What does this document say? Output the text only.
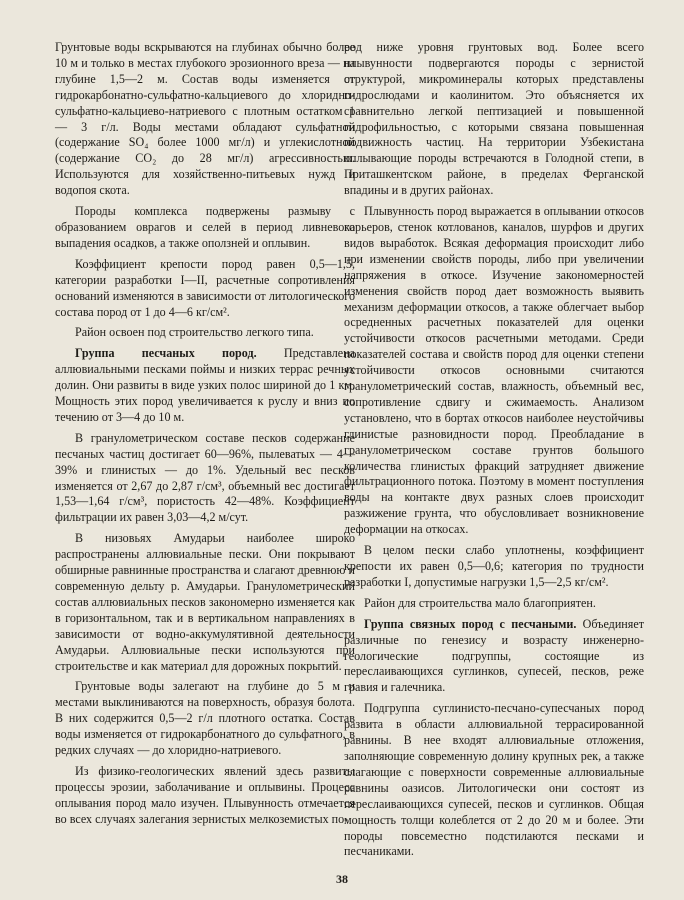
Грунтовые воды вскрываются на глубинах обычно более 10 м и только в местах глубокого эрозионного вреза — на глубине 1,5—2 м. Состав воды изменяется от гидрокарбонатно-сульфатно-кальциевого до хлоридно-сульфатно-кальциево-натриевого с плотным остатком 1 — 3 г/л. Воды местами обладают сульфатной (содержание SO₄ более 1000 мг/л) и углекислотной (содержание CO₂ до 28 мг/л) агрессивностью. Используются для хозяйственно-питьевых нужд и водопоя скота.

Породы комплекса подвержены размыву с образованием оврагов и селей в период ливневого выпадения осадков, а также оползней и оплывин.

Коэффициент крепости пород равен 0,5—1,5, категории разработки I—II, расчетные сопротивления оснований изменяются в зависимости от литологического состава пород от 1 до 4—6 кг/см².

Район освоен под строительство легкого типа.

Группа песчаных пород. Представлена аллювиальными песками поймы и низких террас речных долин. Они развиты в виде узких полос шириной до 1 км. Мощность этих пород увеличивается к руслу и вниз по течению от 3—4 до 10 м.

В гранулометрическом составе песков содержание песчаных частиц достигает 60—96%, пылеватых — 4—39% и глинистых — до 1%. Удельный вес песков изменяется от 2,67 до 2,87 г/см³, объемный вес достигает 1,53—1,64 г/см³, пористость 42—48%. Коэффициент фильтрации их равен 3,03—4,2 м/сут.

В низовьях Амударьи наиболее широко распространены аллювиальные пески. Они покрывают обширные равнинные пространства и слагают древнюю и современную дельту р. Амударьи. Гранулометрический состав аллювиальных песков закономерно изменяется как в горизонтальном, так и в вертикальном направлениях в зависимости от водно-аккумулятивной деятельности Амударьи. Аллювиальные пески используются при строительстве и как материал для дорожных покрытий.

Грунтовые воды залегают на глубине до 5 м и местами выклиниваются на поверхность, образуя болота. В них содержится 0,5—2 г/л плотного остатка. Состав воды изменяется от гидрокарбонатного до сульфатного, в редких случаях — до хлоридно-натриевого.

Из физико-геологических явлений здесь развиты процессы эрозии, заболачивание и оплывины. Процесс оплывания пород мало изучен. Плывунность отмечается во всех случаях залегания зернистых мелкоземистых по-

род ниже уровня грунтовых вод. Более всего плывунности подвергаются породы с зернистой структурой, микроминералы которых представлены гидрослюдами и каолинитом. Это объясняется их сравнительно легкой пептизацией и повышенной гидрофильностью, с которыми связана повышенная подвижность частиц. На территории Узбекистана оплывающие породы встречаются в Голодной степи, в Приташкентском районе, в пределах Ферганской впадины и в других районах.

Плывунность пород выражается в оплывании откосов карьеров, стенок котлованов, каналов, шурфов и других видов выработок. Всякая деформация происходит либо при изменении свойств породы, либо при увеличении напряжения в откосе. Изучение закономерностей изменения свойств пород дает возможность выявить механизм деформации откосов, а также облегчает выбор осредненных расчетных показателей для оценки устойчивости откосов расчетными методами. Среди показателей состава и свойств пород для оценки степени устойчивости откосов основными считаются гранулометрический состав, влажность, объемный вес, сопротивление сдвигу и сжимаемость. Анализом установлено, что в бортах откосов наиболее неустойчивы глинистые разновидности пород. Преобладание в гранулометрическом составе грунтов большого количества глинистых фракций затрудняет движение фильтрационного потока. Поэтому в момент поступления воды на контакте двух разных слоев происходит разжижение грунта, что обусловливает возникновение деформации на откосах.

В целом пески слабо уплотнены, коэффициент крепости их равен 0,5—0,6; категория по трудности разработки I, допустимые нагрузки 1,5—2,5 кг/см².

Район для строительства мало благоприятен.

Группа связных пород с песчаными. Объединяет различные по генезису и возрасту инженерно-геологические подгруппы, состоящие из переслаивающихся суглинков, супесей, песков, реже гравия и галечника.

Подгруппа суглинисто-песчано-супесчаных пород развита в области аллювиальной террасированной равнины. В нее входят аллювиальные отложения, заполняющие современную долину крупных рек, а также слагающие с поверхности современные аллювиальные равнины оазисов. Литологически они состоят из переслаивающихся супесей, песков и суглинков. Общая мощность толщи колеблется от 2 до 20 м и более. Эти породы повсеместно подстилаются песками и песчаниками.

38
